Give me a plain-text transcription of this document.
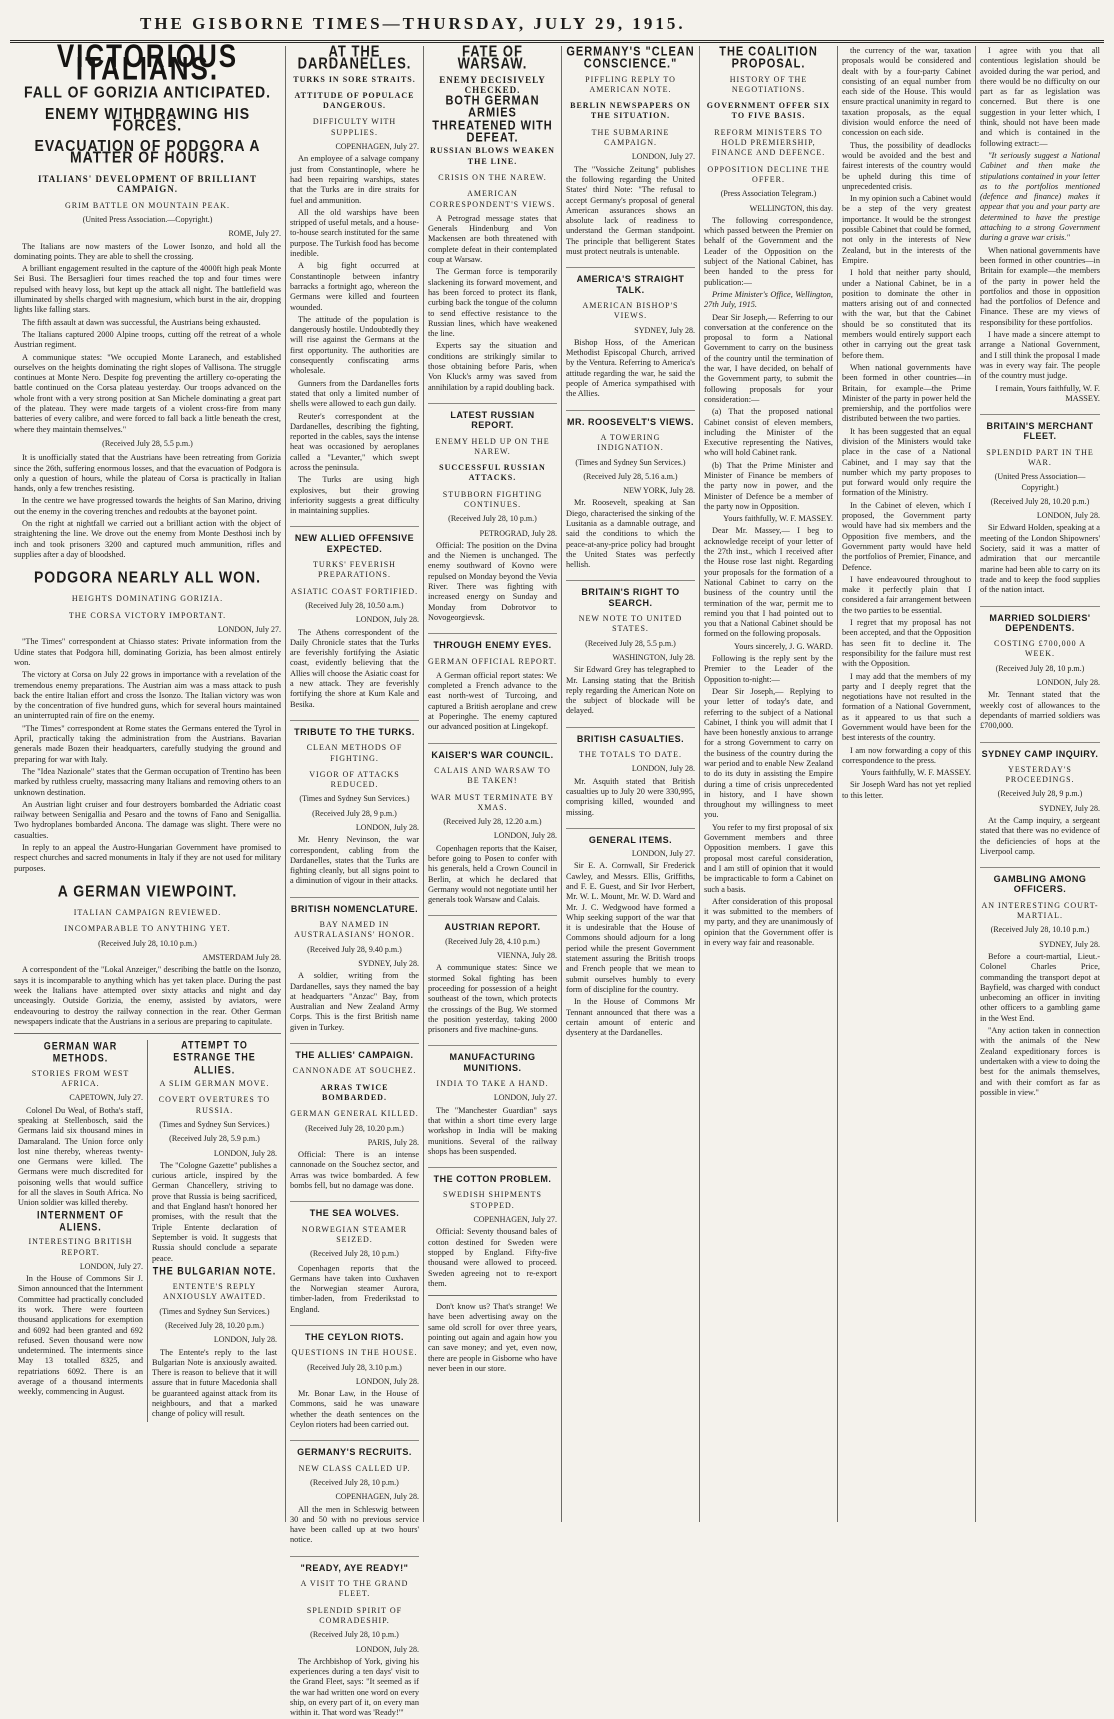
THE GISBORNE TIMES—THURSDAY, JULY 29, 1915.
VICTORIOUS ITALIANS.
FALL OF GORIZIA ANTICIPATED.
ENEMY WITHDRAWING HIS FORCES.
EVACUATION OF PODGORA A MATTER OF HOURS.
ITALIANS' DEVELOPMENT OF BRILLIANT CAMPAIGN.
GRIM BATTLE ON MOUNTAIN PEAK.
(United Press Association.—Copyright.)
ROME, July 27.

The Italians are now masters of the Lower Isonzo, and hold all the dominating points. They are able to shell the crossing.

A brilliant engagement resulted in the capture of the 4000ft high peak Monte Sei Busi. The Bersaglieri four times reached the top and four times were repulsed with heavy loss, but kept up the attack all night. The battlefield was illuminated by shells charged with magnesium, which burst in the air, dropping lights like falling stars.

The fifth assault at dawn was successful, the Austrians being exhausted.

The Italians captured 2000 Alpine troops, cutting off the retreat of a whole Austrian regiment.

A communique states: "We occupied Monte Laranech, and established ourselves on the heights dominating the right slopes of Vallisona. The struggle continues at Monte Nero. Despite fog preventing the artillery co-operating the battle continued on the Corsa plateau yesterday. Our troops advanced on the whole front with a very strong position at San Michele dominating a great part of the plateau. They were made targets of a violent cross-fire from many batteries of every calibre, and were forced to fall back a little beneath the crest, where they maintain themselves."

(Received July 28, 5.5 p.m.)

It is unofficially stated that the Austrians have been retreating from Gorizia since the 26th, suffering enormous losses, and that the evacuation of Podgora is only a question of hours, while the plateau of Corsa is practically in Italian hands, only a few trenches resisting.

In the centre we have progressed towards the heights of San Marino, driving out the enemy in the covering trenches and redoubts at the bayonet point.

On the right at nightfall we carried out a brilliant action with the object of straightening the line. We drove out the enemy from Monte Desthosi inch by inch and took prisoners 3200 and captured much ammunition, rifles and supplies after a day of bloodshed.

PODGORA NEARLY ALL WON.
HEIGHTS DOMINATING GORIZIA.
THE CORSA VICTORY IMPORTANT.
LONDON, July 27.

"The Times" correspondent at Chiasso states: Private information from the Udine states that Podgora hill, dominating Gorizia, has been almost entirely won.

The victory at Corsa on July 22 grows in importance with a revelation of the tremendous enemy preparations. The Austrian aim was a mass attack to push back the entire Italian effort and cross the Isonzo. The Italian victory was won by the concentration of five hundred guns, which for several hours maintained an uninterrupted rain of fire on the enemy.

"The Times" correspondent at Rome states the Germans entered the Tyrol in April, practically taking the administration from the Austrians. Bavarian generals made Bozen their headquarters, carefully studying the ground and preparing for war with Italy.

The "Idea Nazionale" states that the German occupation of Trentino has been marked by ruthless cruelty, massacring many Italians and removing others to an unknown destination.

An Austrian light cruiser and four destroyers bombarded the Adriatic coast railway between Senigallia and Pesaro and the towns of Fano and Senigallia. Two hydroplanes bombarded Ancona. The damage was slight. There were no casualties.

In reply to an appeal the Austro-Hungarian Government have promised to respect churches and sacred monuments in Italy if they are not used for military purposes.

A GERMAN VIEWPOINT.
ITALIAN CAMPAIGN REVIEWED.
INCOMPARABLE TO ANYTHING YET.
(Received July 28, 10.10 p.m.)
AMSTERDAM July 28.

A correspondent of the "Lokal Anzeiger," describing the battle on the Isonzo, says it is incomparable to anything which has yet taken place. During the past week the Italians have attempted over sixty attacks and night and day unceasingly. Outside Gorizia, the enemy, assisted by aviators, were endeavouring to destroy the railway connection in the rear. Other German newspapers indicate that the Austrians in a serious are preparing to capitulate.

GERMAN WAR METHODS.
STORIES FROM WEST AFRICA.
CAPETOWN, July 27.

Colonel Du Weal, of Botha's staff, speaking at Stellenbosch, said the Germans laid six thousand mines in Damaraland. The Union force only lost nine thereby, whereas twenty-one Germans were killed. The Germans were much discredited for poisoning wells that would suffice for all the slaves in South Africa. No Union soldier was killed thereby.

INTERNMENT OF ALIENS.
INTERESTING BRITISH REPORT.
LONDON, July 27.

In the House of Commons Sir J. Simon announced that the Internment Committee had practically concluded its work. There were fourteen thousand applications for exemption and 6092 had been granted and 692 refused. Seven thousand were now undetermined. The interments since May 13 totalled 8325, and repatriations 6092. There is an average of a thousand interments weekly, commencing in August.

ATTEMPT TO ESTRANGE THE ALLIES.
A SLIM GERMAN MOVE.
COVERT OVERTURES TO RUSSIA.
(Times and Sydney Sun Services.)
(Received July 28, 5.9 p.m.)
LONDON, July 28.

The "Cologne Gazette" publishes a curious article, inspired by the German Chancellery, striving to prove that Russia is being sacrificed, and that England hasn't honored her promises, with the result that the Triple Entente declaration of September is void. It suggests that Russia should conclude a separate peace.

THE BULGARIAN NOTE.
ENTENTE'S REPLY ANXIOUSLY AWAITED.
(Times and Sydney Sun Services.)
(Received July 28, 10.20 p.m.)
LONDON, July 28.

The Entente's reply to the last Bulgarian Note is anxiously awaited. There is reason to believe that it will assure that in future Macedonia shall be guaranteed against attack from its neighbours, and that a marked change of policy will result.

AT THE DARDANELLES.
TURKS IN SORE STRAITS.
ATTITUDE OF POPULACE DANGEROUS.
DIFFICULTY WITH SUPPLIES.
COPENHAGEN, July 27.

An employee of a salvage company just from Constantinople, where he had been repairing warships, states that the Turks are in dire straits for fuel and ammunition.

All the old warships have been stripped of useful metals, and a house-to-house search instituted for the same purpose. The Turkish food has become inedible.

A big fight occurred at Constantinople between infantry barracks a fortnight ago, whereon the Germans were killed and fourteen wounded.

The attitude of the population is dangerously hostile. Undoubtedly they will rise against the Germans at the first opportunity. The authorities are consequently confiscating arms wholesale.

Gunners from the Dardanelles forts stated that only a limited number of shells were allowed to each gun daily.

Reuter's correspondent at the Dardanelles, describing the fighting, reported in the cables, says the intense heat was occasioned by aeroplanes called a "Levanter," which swept across the peninsula.

The Turks are using high explosives, but their growing inferiority suggests a great difficulty in maintaining supplies.

NEW ALLIED OFFENSIVE EXPECTED.
TURKS' FEVERISH PREPARATIONS.
ASIATIC COAST FORTIFIED.
(Received July 28, 10.50 a.m.)
LONDON, July 28.

The Athens correspondent of the Daily Chronicle states that the Turks are feverishly fortifying the Asiatic coast, evidently believing that the Allies will choose the Asiatic coast for a new attack. They are feverishly fortifying the shore at Kum Kale and Besika.

TRIBUTE TO THE TURKS.
CLEAN METHODS OF FIGHTING.
VIGOR OF ATTACKS REDUCED.
(Times and Sydney Sun Services.)
(Received July 28, 9 p.m.)
LONDON, July 28.

Mr. Henry Nevinson, the war correspondent, cabling from the Dardanelles, states that the Turks are fighting cleanly, but all signs point to a diminution of vigour in their attacks.

BRITISH NOMENCLATURE.
BAY NAMED IN AUSTRALASIANS' HONOR.
(Received July 28, 9.40 p.m.)
SYDNEY, July 28.

A soldier, writing from the Dardanelles, says they named the bay at headquarters "Anzac" Bay, from Australian and New Zealand Army Corps. This is the first British name given in Turkey.

THE ALLIES' CAMPAIGN.
CANNONADE AT SOUCHEZ.
ARRAS TWICE BOMBARDED.
GERMAN GENERAL KILLED.
(Received July 28, 10.20 p.m.)
PARIS, July 28.

Official: There is an intense cannonade on the Souchez sector, and Arras was twice bombarded. A few bombs fell, but no damage was done.

THE SEA WOLVES.
NORWEGIAN STEAMER SEIZED.
(Received July 28, 10 p.m.)

Copenhagen reports that the Germans have taken into Cuxhaven the Norwegian steamer Aurora, timber-laden, from Frederikstad to England.

THE CEYLON RIOTS.
QUESTIONS IN THE HOUSE.
(Received July 28, 3.10 p.m.)
LONDON, July 28.

Mr. Bonar Law, in the House of Commons, said he was unaware whether the death sentences on the Ceylon rioters had been carried out.

GERMANY'S RECRUITS.
NEW CLASS CALLED UP.
(Received July 28, 10 p.m.)
COPENHAGEN, July 28.

All the men in Schleswig between 30 and 50 with no previous service have been called up at two hours' notice.

"READY, AYE READY!"
A VISIT TO THE GRAND FLEET.
SPLENDID SPIRIT OF COMRADESHIP.
(Received July 28, 10 p.m.)
LONDON, July 28.

The Archbishop of York, giving his experiences during a ten days' visit to the Grand Fleet, says: "It seemed as if the war had written one word on every ship, on every part of it, on every man within it. That word was 'Ready!'"

FATE OF WARSAW.
ENEMY DECISIVELY CHECKED.
BOTH GERMAN ARMIES THREATENED WITH DEFEAT.
RUSSIAN BLOWS WEAKEN THE LINE.
CRISIS ON THE NAREW.
AMERICAN CORRESPONDENT'S VIEWS.

A Petrograd message states that Generals Hindenburg and Von Mackensen are both threatened with complete defeat in their contemplated coup at Warsaw.

The German force is temporarily slackening its forward movement, and has been forced to protect its flank, curbing back the tongue of the column to send effective resistance to the Russian lines, which have weakened the line.

Experts say the situation and conditions are strikingly similar to those obtaining before Paris, when Von Kluck's army was saved from annihilation by a rapid doubling back.

LATEST RUSSIAN REPORT.
ENEMY HELD UP ON THE NAREW.
SUCCESSFUL RUSSIAN ATTACKS.
STUBBORN FIGHTING CONTINUES.
(Received July 28, 10 p.m.)
PETROGRAD, July 28.

Official: The position on the Dvina and the Niemen is unchanged. The enemy southward of Kovno were repulsed on Monday beyond the Vevia River. There was fighting with increased energy on Sunday and Monday from Dobrotvor to Novogeorgievsk.

THROUGH ENEMY EYES.
GERMAN OFFICIAL REPORT.

A German official report states: We completed a French advance to the east north-west of Turcoing, and captured a British aeroplane and crew at Poperinghe. The enemy captured our advanced position at Lingekopf.

KAISER'S WAR COUNCIL.
CALAIS AND WARSAW TO BE TAKEN!
WAR MUST TERMINATE BY XMAS.
(Received July 28, 12.20 a.m.)
LONDON, July 28.

Copenhagen reports that the Kaiser, before going to Posen to confer with his generals, held a Crown Council in Berlin, at which he declared that Germany would not negotiate until her generals took Warsaw and Calais.

AUSTRIAN REPORT.
(Received July 28, 4.10 p.m.)
VIENNA, July 28.

A communique states: Since we stormed Sokal fighting has been proceeding for possession of a height southeast of the town, which protects the crossings of the Bug. We stormed the position yesterday, taking 2000 prisoners and five machine-guns.

MANUFACTURING MUNITIONS.
INDIA TO TAKE A HAND.
LONDON, July 27.

The "Manchester Guardian" says that within a short time every large workshop in India will be making munitions. Several of the railway shops has been suspended.

THE COTTON PROBLEM.
SWEDISH SHIPMENTS STOPPED.
COPENHAGEN, July 27.

Official: Seventy thousand bales of cotton destined for Sweden were stopped by England. Fifty-five thousand were allowed to proceed. Sweden agreeing not to re-export them.

Don't know us? That's strange! We have been advertising away on the same old scroll for over three years, pointing out again and again how you can save money; and yet, even now, there are people in Gisborne who have never been in our store.

GERMANY'S "CLEAN CONSCIENCE."
PIFFLING REPLY TO AMERICAN NOTE.
BERLIN NEWSPAPERS ON THE SITUATION.
THE SUBMARINE CAMPAIGN.
LONDON, July 27.

The "Vossiche Zeitung" publishes the following regarding the United States' third Note: "The refusal to accept Germany's proposal of general American assurances shows an absolute lack of readiness to understand the German standpoint. The principle that belligerent States must protect neutrals is untenable.

AMERICA'S STRAIGHT TALK.
AMERICAN BISHOP'S VIEWS.
SYDNEY, July 28.

Bishop Hoss, of the American Methodist Episcopal Church, arrived by the Ventura. Referring to America's attitude regarding the war, he said the people of America sympathised with the Allies.

MR. ROOSEVELT'S VIEWS.
A TOWERING INDIGNATION.
(Times and Sydney Sun Services.)
(Received July 28, 5.16 a.m.)
NEW YORK, July 28.

Mr. Roosevelt, speaking at San Diego, characterised the sinking of the Lusitania as a damnable outrage, and said the conditions to which the peace-at-any-price policy had brought the United States was perfectly hellish.

BRITAIN'S RIGHT TO SEARCH.
NEW NOTE TO UNITED STATES.
(Received July 28, 5.5 p.m.)
WASHINGTON, July 28.

Sir Edward Grey has telegraphed to Mr. Lansing stating that the British reply regarding the American Note on the subject of blockade will be delayed.

BRITISH CASUALTIES.
THE TOTALS TO DATE.
LONDON, July 28.

Mr. Asquith stated that British casualties up to July 20 were 330,995, comprising killed, wounded and missing.

GENERAL ITEMS.
LONDON, July 27.

Sir E. A. Cornwall, Sir Frederick Cawley, and Messrs. Ellis, Griffiths, and F. E. Guest, and Sir Ivor Herbert, Mr. W. L. Mount, Mr. W. D. Ward and Mr. J. C. Wedgwood have formed a Whip seeking support of the war that it is undesirable that the House of Commons should adjourn for a long period while the present Government statement assuring the British troops and French people that we mean to submit ourselves humbly to every form of discipline for the country.

In the House of Commons Mr Tennant announced that there was a certain amount of enteric and dysentery at the Dardanelles.

THE COALITION PROPOSAL.
HISTORY OF THE NEGOTIATIONS.
GOVERNMENT OFFER SIX TO FIVE BASIS.
REFORM MINISTERS TO HOLD PREMIERSHIP, FINANCE AND DEFENCE.
OPPOSITION DECLINE THE OFFER.
(Press Association Telegram.)
WELLINGTON, this day.

The following correspondence, which passed between the Premier on behalf of the Government and the Leader of the Opposition on the subject of the National Cabinet, has been handed to the press for publication:—

Prime Minister's Office, Wellington, 27th July, 1915.

Dear Sir Joseph,— Referring to our conversation at the conference on the proposal to form a National Government to carry on the business of the country until the termination of the war, I have decided, on behalf of the Government party, to submit the following proposals for your consideration:—

(a) That the proposed national Cabinet consist of eleven members, including the Minister of the Executive representing the Natives, who will hold Cabinet rank.

(b) That the Prime Minister and Minister of Finance be members of the party now in power, and the Minister of Defence be a member of the party now in Opposition.

Yours faithfully, W. F. MASSEY.

Dear Mr. Massey,— I beg to acknowledge receipt of your letter of the 27th inst., which I received after the House rose last night. Regarding your proposals for the formation of a National Cabinet to carry on the business of the country until the termination of the war, permit me to remind you that I had pointed out to you that a National Cabinet should be formed on the following proposals.

Yours sincerely, J. G. WARD.

Following is the reply sent by the Premier to the Leader of the Opposition to-night:—

Dear Sir Joseph,— Replying to your letter of today's date, and referring to the subject of a National Cabinet, I think you will admit that I have been honestly anxious to arrange for a strong Government to carry on the business of the country during the war period and to enable New Zealand to do its duty in assisting the Empire during a time of crisis unprecedented in history, and I have shown throughout my willingness to meet you.

You refer to my first proposal of six Government members and three Opposition members. I gave this proposal most careful consideration, and I am still of opinion that it would be impracticable to form a Cabinet on such a basis.

After consideration of this proposal it was submitted to the members of my party, and they are unanimously of opinion that the Government offer is in every way fair and reasonable.

the currency of the war, taxation proposals would be considered and dealt with by a four-party Cabinet consisting of an equal number from each side of the House. This would ensure practical unanimity in regard to taxation proposals, as the equal division would enforce the need of concession on each side.

Thus, the possibility of deadlocks would be avoided and the best and fairest interests of the country would be upheld during this time of unprecedented crisis.

In my opinion such a Cabinet would be a step of the very greatest importance. It would be the strongest possible Cabinet that could be formed, not only in the interests of New Zealand, but in the interests of the Empire.

I hold that neither party should, under a National Cabinet, be in a position to dominate the other in matters arising out of and connected with the war, but that the Cabinet should be so constituted that its members would entirely support each other in carrying out the great task before them.

When national governments have been formed in other countries—in Britain, for example—the Prime Minister of the party in power held the premiership, and the portfolios were distributed between the two parties.

It has been suggested that an equal division of the Ministers would take place in the case of a National Cabinet, and I may say that the number which my party proposes to put forward would only require the formation of the Ministry.

In the Cabinet of eleven, which I proposed, the Government party would have had six members and the Opposition five members, and the Government party would have held the portfolios of Premier, Finance, and Defence.

I have endeavoured throughout to make it perfectly plain that I considered a fair arrangement between the two parties to be essential.

I regret that my proposal has not been accepted, and that the Opposition has seen fit to decline it. The responsibility for the failure must rest with the Opposition.

I may add that the members of my party and I deeply regret that the negotiations have not resulted in the formation of a National Government, as it appeared to us that such a Government would have been for the best interests of the country.

I am now forwarding a copy of this correspondence to the press.

Yours faithfully, W. F. MASSEY.

Sir Joseph Ward has not yet replied to this letter.

I agree with you that all contentious legislation should be avoided during the war period, and there would be no difficulty on our part as far as legislation was concerned. But there is one suggestion in your letter which, I think, should not have been made and which is contained in the following extract:—

"It seriously suggest a National Cabinet and then make the stipulations contained in your letter as to the portfolios mentioned (defence and finance) makes it appear that you and your party are determined to have the prestige attaching to a strong Government during a grave war crisis."

When national governments have been formed in other countries—in Britain for example—the members of the party in power held the portfolios and those in opposition had the portfolios of Defence and Finance. These are my views of responsibility for these portfolios.

I have made a sincere attempt to arrange a National Government, and I still think the proposal I made was in every way fair. The people of the country must judge.

I remain, Yours faithfully, W. F. MASSEY.

BRITAIN'S MERCHANT FLEET.
SPLENDID PART IN THE WAR.
(United Press Association—Copyright.)
(Received July 28, 10.20 p.m.)
LONDON, July 28.

Sir Edward Holden, speaking at a meeting of the London Shipowners' Society, said it was a matter of admiration that our mercantile marine had been able to carry on its trade and to keep the food supplies of the nation intact.

MARRIED SOLDIERS' DEPENDENTS.
COSTING £700,000 A WEEK.
(Received July 28, 10 p.m.)
LONDON, July 28.

Mr. Tennant stated that the weekly cost of allowances to the dependants of married soldiers was £700,000.

SYDNEY CAMP INQUIRY.
YESTERDAY'S PROCEEDINGS.
(Received July 28, 9 p.m.)
SYDNEY, July 28.

At the Camp inquiry, a sergeant stated that there was no evidence of the deficiencies of hops at the Liverpool camp.

GAMBLING AMONG OFFICERS.
AN INTERESTING COURT-MARTIAL.
(Received July 28, 10.10 p.m.)
SYDNEY, July 28.

Before a court-martial, Lieut.-Colonel Charles Price, commanding the transport depot at Bayfield, was charged with conduct unbecoming an officer in inviting other officers to a gambling game in the West End.

"Any action taken in connection with the animals of the New Zealand expeditionary forces is undertaken with a view to doing the best for the animals themselves, and with their comfort as far as possible in view."
